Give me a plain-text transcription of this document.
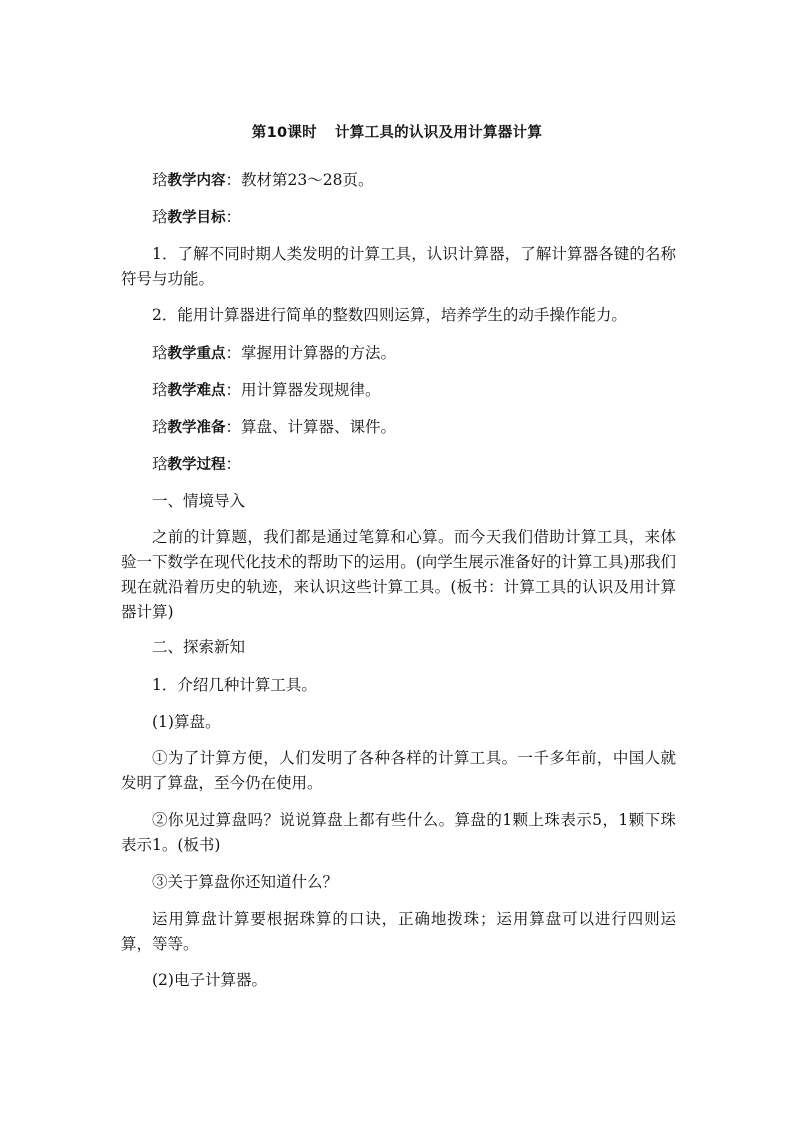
第10课时 计算工具的认识及用计算器计算

琀教学内容：教材第23～28页。

琀教学目标：

1．了解不同时期人类发明的计算工具，认识计算器，了解计算器各键的名称符号与功能。

2．能用计算器进行简单的整数四则运算，培养学生的动手操作能力。

琀教学重点：掌握用计算器的方法。

琀教学难点：用计算器发现规律。

琀教学准备：算盘、计算器、课件。

琀教学过程：

一、情境导入

之前的计算题，我们都是通过笔算和心算。而今天我们借助计算工具，来体验一下数学在现代化技术的帮助下的运用。(向学生展示准备好的计算工具)那我们现在就沿着历史的轨迹，来认识这些计算工具。(板书：计算工具的认识及用计算器计算)

二、探索新知

1．介绍几种计算工具。

(1)算盘。

①为了计算方便，人们发明了各种各样的计算工具。一千多年前，中国人就发明了算盘，至今仍在使用。

②你见过算盘吗？说说算盘上都有些什么。算盘的1颗上珠表示5，1颗下珠表示1。(板书)

③关于算盘你还知道什么？

运用算盘计算要根据珠算的口诀，正确地拨珠；运用算盘可以进行四则运算，等等。

(2)电子计算器。
